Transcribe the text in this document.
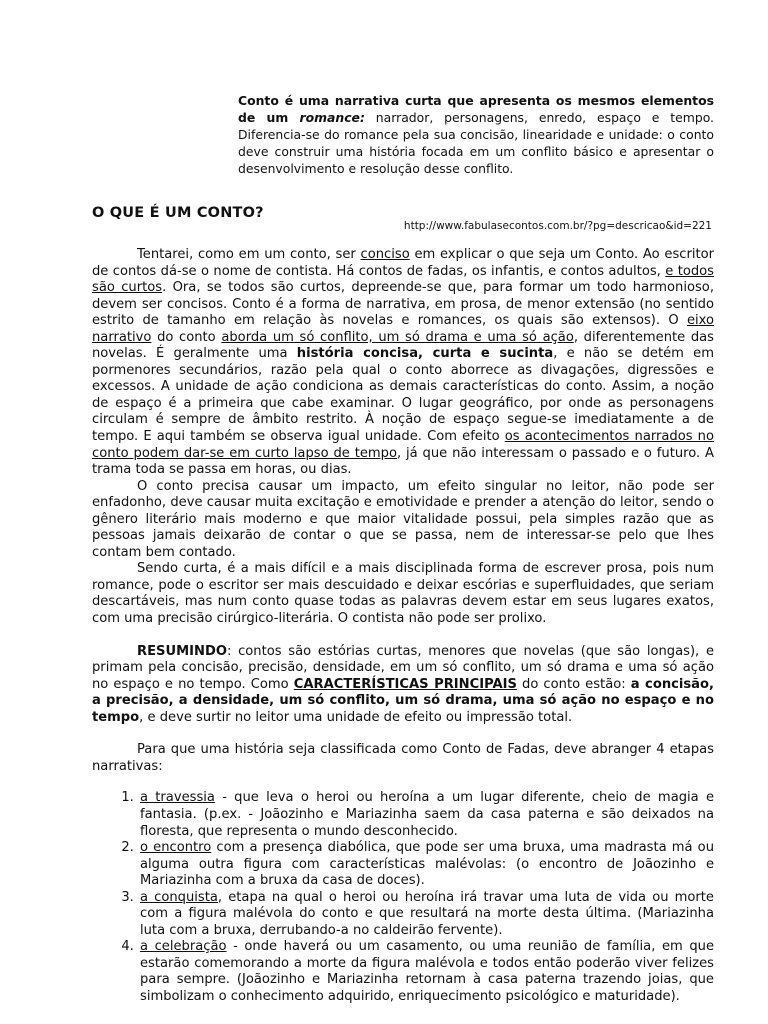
Conto é uma narrativa curta que apresenta os mesmos elementos de um romance: narrador, personagens, enredo, espaço e tempo. Diferencia-se do romance pela sua concisão, linearidade e unidade: o conto deve construir uma história focada em um conflito básico e apresentar o desenvolvimento e resolução desse conflito.
O QUE É UM CONTO?
http://www.fabulasecontos.com.br/?pg=descricao&id=221

Tentarei, como em um conto, ser conciso em explicar o que seja um Conto. Ao escritor de contos dá-se o nome de contista. Há contos de fadas, os infantis, e contos adultos, e todos são curtos. Ora, se todos são curtos, depreende-se que, para formar um todo harmonioso, devem ser concisos. Conto é a forma de narrativa, em prosa, de menor extensão (no sentido estrito de tamanho em relação às novelas e romances, os quais são extensos). O eixo narrativo do conto aborda um só conflito, um só drama e uma só ação, diferentemente das novelas. É geralmente uma história concisa, curta e sucinta, e não se detém em pormenores secundários, razão pela qual o conto aborrece as divagações, digressões e excessos. A unidade de ação condiciona as demais características do conto. Assim, a noção de espaço é a primeira que cabe examinar. O lugar geográfico, por onde as personagens circulam é sempre de âmbito restrito. À noção de espaço segue-se imediatamente a de tempo. E aqui também se observa igual unidade. Com efeito os acontecimentos narrados no conto podem dar-se em curto lapso de tempo, já que não interessam o passado e o futuro. A trama toda se passa em horas, ou dias.

O conto precisa causar um impacto, um efeito singular no leitor, não pode ser enfadonho, deve causar muita excitação e emotividade e prender a atenção do leitor, sendo o gênero literário mais moderno e que maior vitalidade possui, pela simples razão que as pessoas jamais deixarão de contar o que se passa, nem de interessar-se pelo que lhes contam bem contado.

Sendo curta, é a mais difícil e a mais disciplinada forma de escrever prosa, pois num romance, pode o escritor ser mais descuidado e deixar escórias e superfluidades, que seriam descartáveis, mas num conto quase todas as palavras devem estar em seus lugares exatos, com uma precisão cirúrgico-literária. O contista não pode ser prolixo.

RESUMINDO: contos são estórias curtas, menores que novelas (que são longas), e primam pela concisão, precisão, densidade, em um só conflito, um só drama e uma só ação no espaço e no tempo. Como CARACTERÍSTICAS PRINCIPAIS do conto estão: a concisão, a precisão, a densidade, um só conflito, um só drama, uma só ação no espaço e no tempo, e deve surtir no leitor uma unidade de efeito ou impressão total.

Para que uma história seja classificada como Conto de Fadas, deve abranger 4 etapas narrativas:

1. a travessia - que leva o heroi ou heroína a um lugar diferente, cheio de magia e fantasia. (p.ex. - Joãozinho e Mariazinha saem da casa paterna e são deixados na floresta, que representa o mundo desconhecido.
2. o encontro com a presença diabólica, que pode ser uma bruxa, uma madrasta má ou alguma outra figura com características malévolas: (o encontro de Joãozinho e Mariazinha com a bruxa da casa de doces).
3. a conquista, etapa na qual o heroi ou heroína irá travar uma luta de vida ou morte com a figura malévola do conto e que resultará na morte desta última. (Mariazinha luta com a bruxa, derrubando-a no caldeirão fervente).
4. a celebração - onde haverá ou um casamento, ou uma reunião de família, em que estarão comemorando a morte da figura malévola e todos então poderão viver felizes para sempre. (Joãozinho e Mariazinha retornam à casa paterna trazendo joias, que simbolizam o conhecimento adquirido, enriquecimento psicológico e maturidade).
